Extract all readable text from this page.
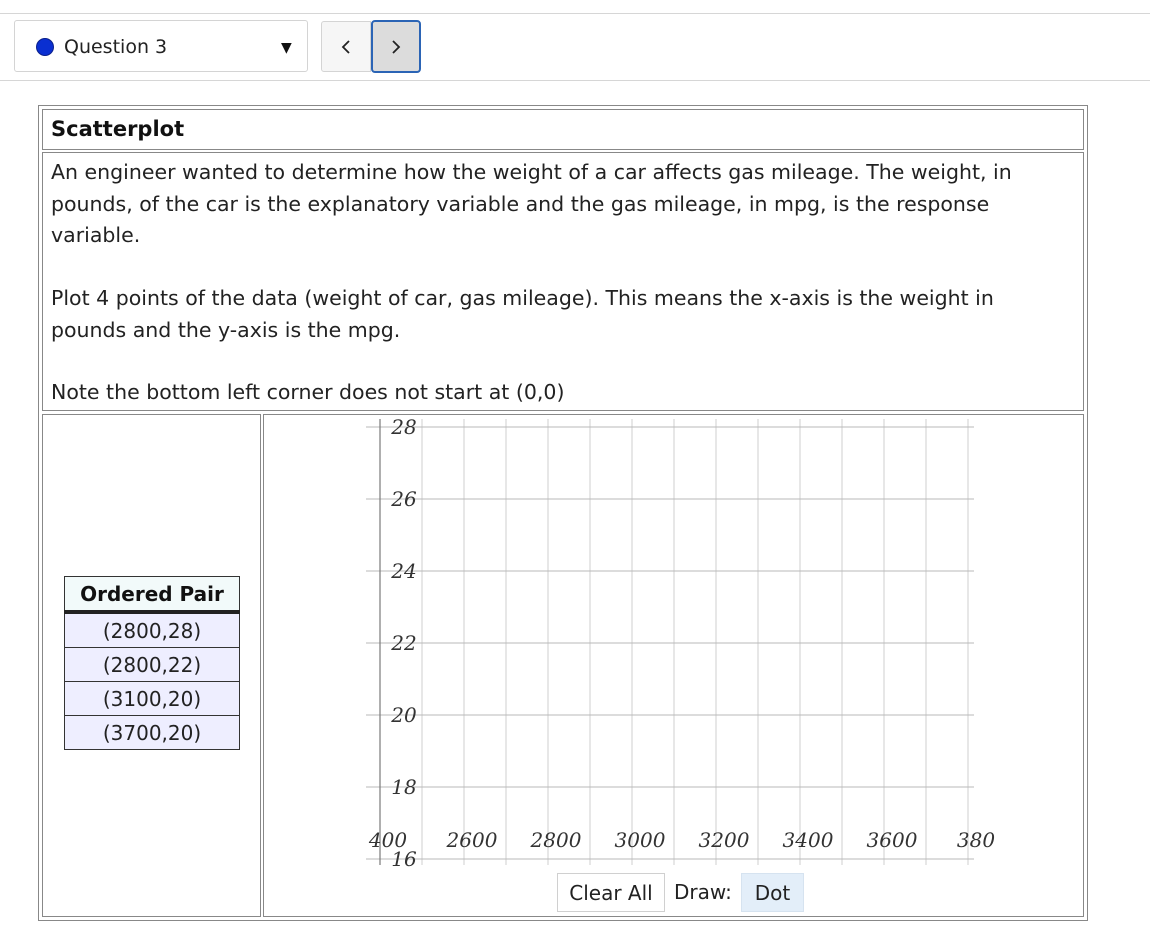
Question 3	▼
Scatterplot

An engineer wanted to determine how the weight of a car affects gas mileage. The weight, in pounds, of the car is the explanatory variable and the gas mileage, in mpg, is the response variable.

Plot 4 points of the data (weight of car, gas mileage). This means the x-axis is the weight in pounds and the y-axis is the mpg.

Note the bottom left corner does not start at (0,0)

Ordered Pair
(2800,28)
(2800,22)
(3100,20)
(3700,20)
28
26
24
22
20
18
16
400 2600 2800 3000 3200 3400 3600 380
Clear All	Draw:	Dot
